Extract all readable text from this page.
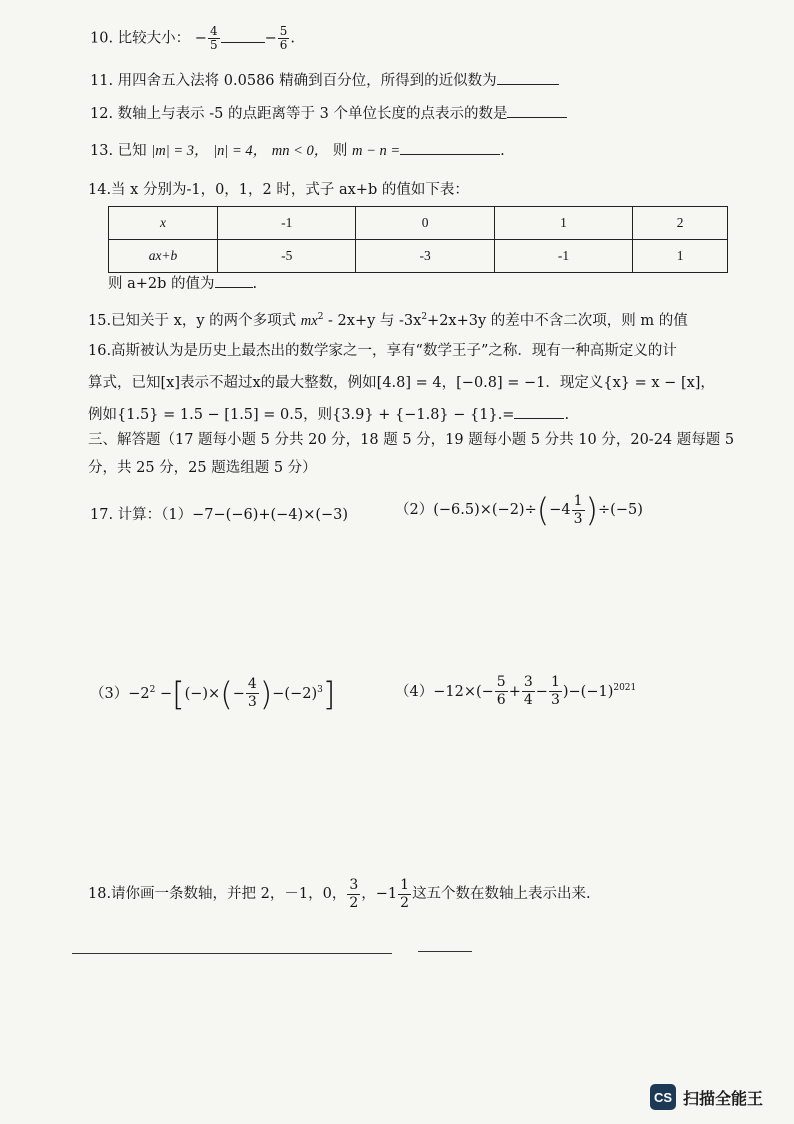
10. 比较大小： − $\frac{4}{5}$	− $\frac{5}{6}$ .
11. 用四舍五入法将 0.0586 精确到百分位，所得到的近似数为
12. 数轴上与表示 -5 的点距离等于 3 个单位长度的点表示的数是
13. 已知 |m| = 3， |n| = 4， mn < 0， 则 m − n =	.
14.当 x 分别为-1，0，1，2 时，式子 ax+b 的值如下表：
x	-1	0	1	2
ax+b	-5	-3	-1	1
则 a+2b 的值为	.
15.已知关于 x，y 的两个多项式 $mx^2 - 2x+y$ 与 $-3x^2+2x+3y$ 的差中不含二次项，则 m 的值
16.高斯被认为是历史上最杰出的数学家之一，享有“数学王子”之称．现有一种高斯定义的计
算式，已知[x]表示不超过x的最大整数，例如[4.8] = 4，[−0.8] = −1．现定义{x} = x − [x]，
例如{1.5} = 1.5 − [1.5] = 0.5，则{3.9} + {−1.8} − {1}.=	.
三、解答题（17 题每小题 5 分共 20 分，18 题 5 分，19 题每小题 5 分共 10 分，20-24 题每题 5
分，共 25 分，25 题选组题 5 分）
17. 计算：（1）−7−(−6)+(−4)×(−3)	$(2)(-6.5)\times(-2)\div(-4 \frac{1}{3} )\div(-5)$
$(3)-2^2$ −[(−)×(− $\frac{4}{3} )-(-2)^3$]	$(4)-12\times(- \frac{5}{6} + \frac{3}{4} - \frac{1}{3} )-(-1)^{2021}$
18.请你画一条数轴，并把 2，－1，0， $\frac{3}{2}$ ，$-1 \frac{1}{2}$ 这五个数在数轴上表示出来.
CS 扫描全能王
